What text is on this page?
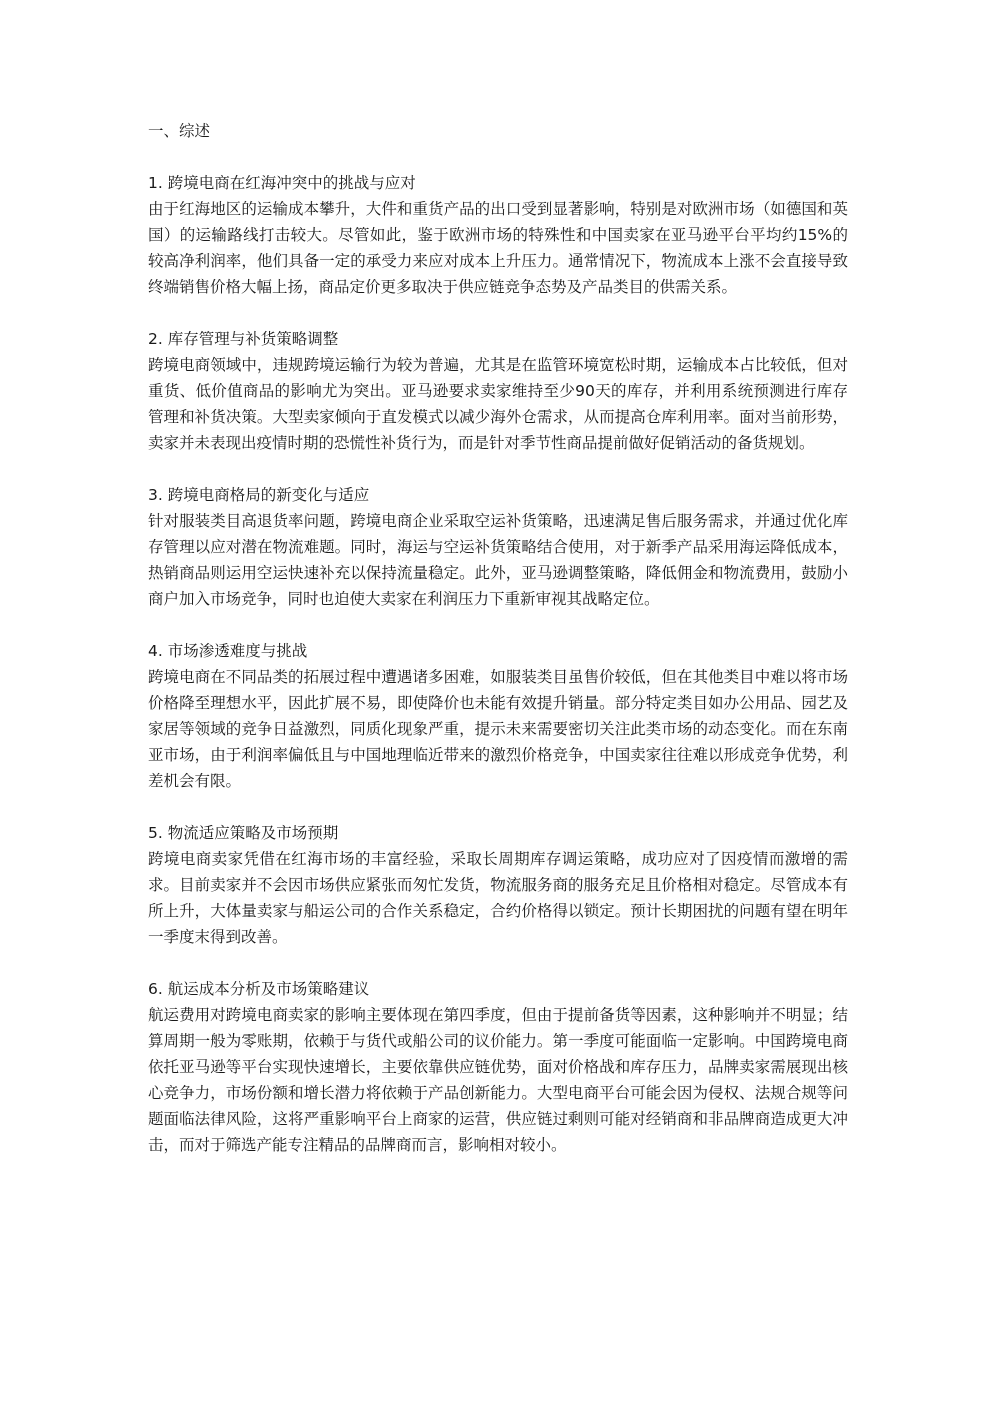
一、综述
1. 跨境电商在红海冲突中的挑战与应对

由于红海地区的运输成本攀升，大件和重货产品的出口受到显著影响，特别是对欧洲市场（如德国和英国）的运输路线打击较大。尽管如此，鉴于欧洲市场的特殊性和中国卖家在亚马逊平台平均约15%的较高净利润率，他们具备一定的承受力来应对成本上升压力。通常情况下，物流成本上涨不会直接导致终端销售价格大幅上扬，商品定价更多取决于供应链竞争态势及产品类目的供需关系。

2. 库存管理与补货策略调整

跨境电商领域中，违规跨境运输行为较为普遍，尤其是在监管环境宽松时期，运输成本占比较低，但对重货、低价值商品的影响尤为突出。亚马逊要求卖家维持至少90天的库存，并利用系统预测进行库存管理和补货决策。大型卖家倾向于直发模式以减少海外仓需求，从而提高仓库利用率。面对当前形势，卖家并未表现出疫情时期的恐慌性补货行为，而是针对季节性商品提前做好促销活动的备货规划。

3. 跨境电商格局的新变化与适应

针对服装类目高退货率问题，跨境电商企业采取空运补货策略，迅速满足售后服务需求，并通过优化库存管理以应对潜在物流难题。同时，海运与空运补货策略结合使用，对于新季产品采用海运降低成本，热销商品则运用空运快速补充以保持流量稳定。此外，亚马逊调整策略，降低佣金和物流费用，鼓励小商户加入市场竞争，同时也迫使大卖家在利润压力下重新审视其战略定位。

4. 市场渗透难度与挑战

跨境电商在不同品类的拓展过程中遭遇诸多困难，如服装类目虽售价较低，但在其他类目中难以将市场价格降至理想水平，因此扩展不易，即使降价也未能有效提升销量。部分特定类目如办公用品、园艺及家居等领域的竞争日益激烈，同质化现象严重，提示未来需要密切关注此类市场的动态变化。而在东南亚市场，由于利润率偏低且与中国地理临近带来的激烈价格竞争，中国卖家往往难以形成竞争优势，利差机会有限。

5. 物流适应策略及市场预期

跨境电商卖家凭借在红海市场的丰富经验，采取长周期库存调运策略，成功应对了因疫情而激增的需求。目前卖家并不会因市场供应紧张而匆忙发货，物流服务商的服务充足且价格相对稳定。尽管成本有所上升，大体量卖家与船运公司的合作关系稳定，合约价格得以锁定。预计长期困扰的问题有望在明年一季度末得到改善。

6. 航运成本分析及市场策略建议

航运费用对跨境电商卖家的影响主要体现在第四季度，但由于提前备货等因素，这种影响并不明显；结算周期一般为零账期，依赖于与货代或船公司的议价能力。第一季度可能面临一定影响。中国跨境电商依托亚马逊等平台实现快速增长，主要依靠供应链优势，面对价格战和库存压力，品牌卖家需展现出核心竞争力，市场份额和增长潜力将依赖于产品创新能力。大型电商平台可能会因为侵权、法规合规等问题面临法律风险，这将严重影响平台上商家的运营，供应链过剩则可能对经销商和非品牌商造成更大冲击，而对于筛选产能专注精品的品牌商而言，影响相对较小。
